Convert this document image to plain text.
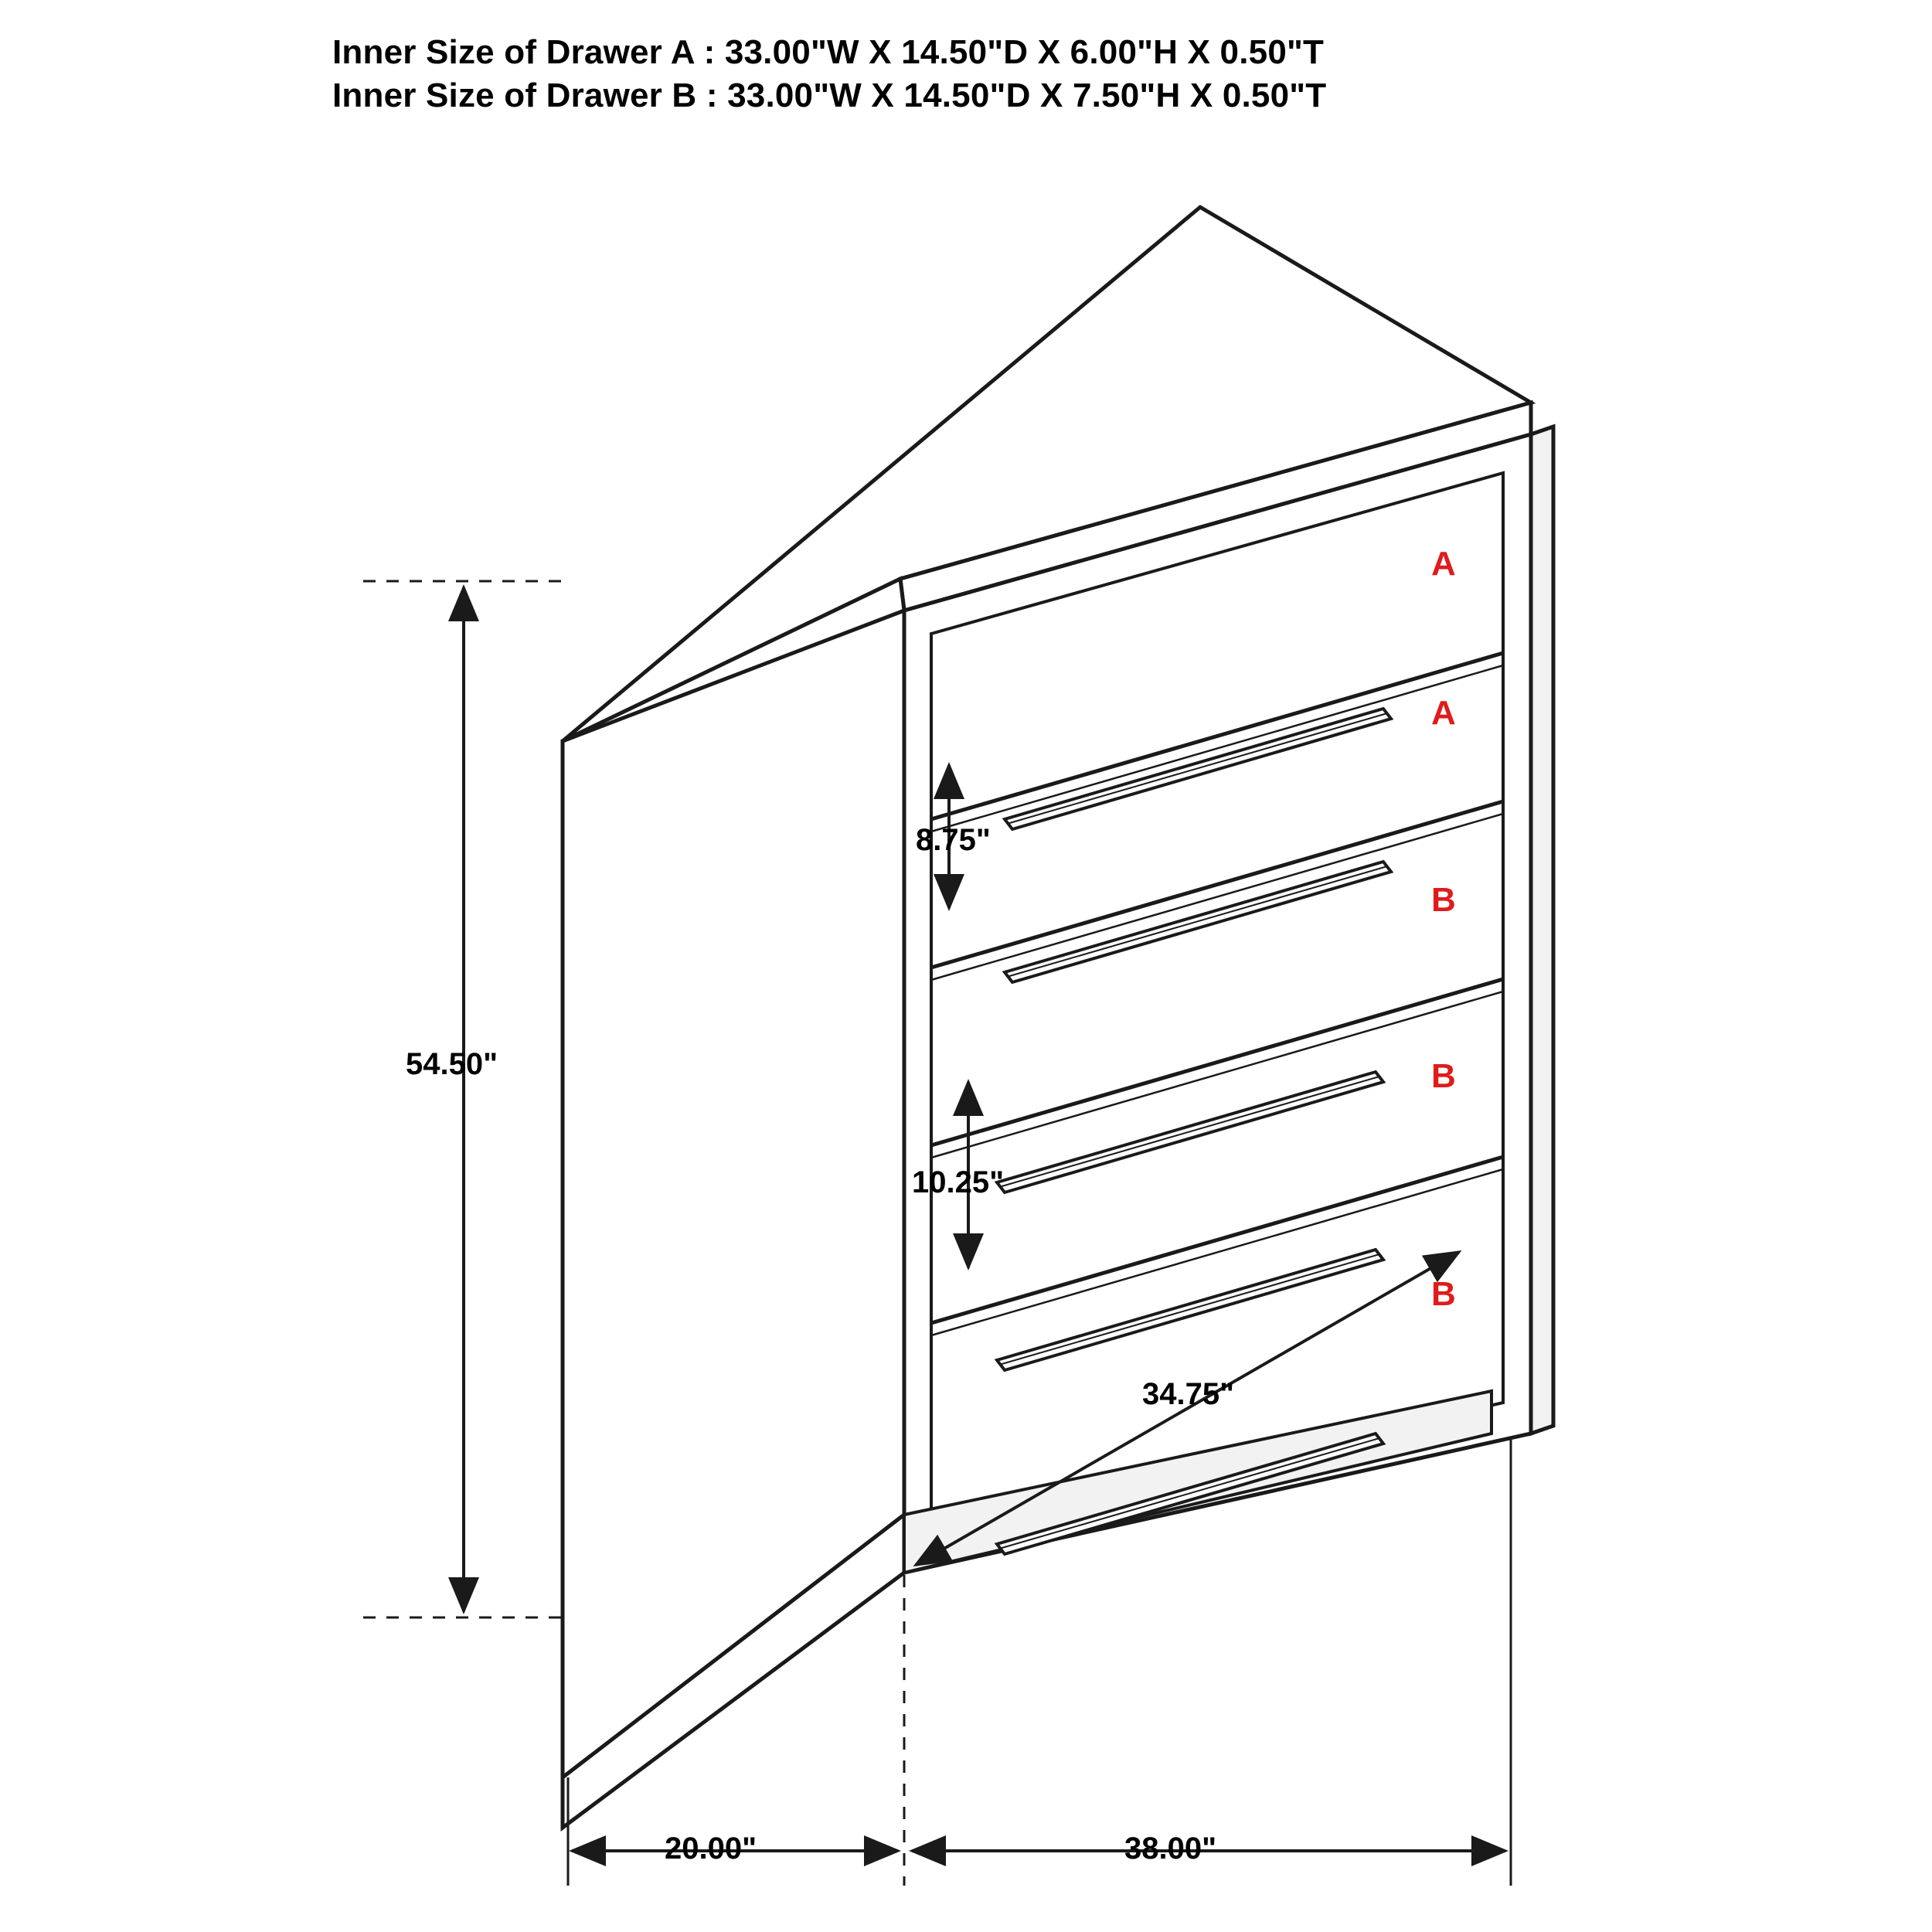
Inner Size of Drawer A : 33.00"W X 14.50"D X 6.00"H X 0.50"T
Inner Size of Drawer B : 33.00"W X 14.50"D X 7.50"H X 0.50"T
54.50"
8.75"
10.25"
34.75"
20.00"	38.00"
A
A
B
B
B
